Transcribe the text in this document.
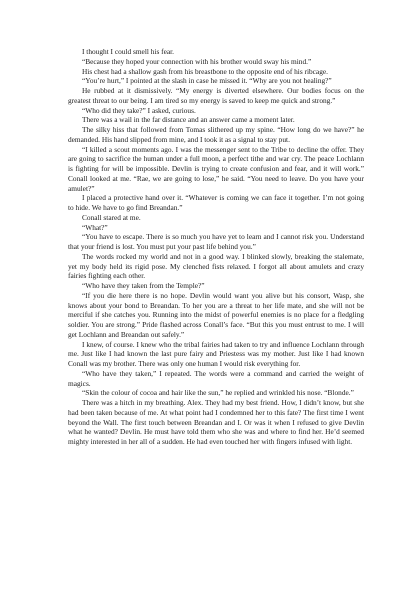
I thought I could smell his fear.

“Because they hoped your connection with his brother would sway his mind.”

His chest had a shallow gash from his breastbone to the opposite end of his ribcage.

“You’re hurt,” I pointed at the slash in case he missed it. “Why are you not healing?”

He rubbed at it dismissively. “My energy is diverted elsewhere. Our bodies focus on the greatest threat to our being. I am tired so my energy is saved to keep me quick and strong.”

“Who did they take?” I asked, curious.

There was a wail in the far distance and an answer came a moment later.

The silky hiss that followed from Tomas slithered up my spine. “How long do we have?” he demanded. His hand slipped from mine, and I took it as a signal to stay put.

“I killed a scout moments ago. I was the messenger sent to the Tribe to decline the offer. They are going to sacrifice the human under a full moon, a perfect tithe and war cry. The peace Lochlann is fighting for will be impossible. Devlin is trying to create confusion and fear, and it will work.” Conall looked at me. “Rae, we are going to lose,” he said. “You need to leave. Do you have your amulet?”

I placed a protective hand over it. “Whatever is coming we can face it together. I’m not going to hide. We have to go find Breandan.”

Conall stared at me.

“What?”

“You have to escape. There is so much you have yet to learn and I cannot risk you. Understand that your friend is lost. You must put your past life behind you.”

The words rocked my world and not in a good way. I blinked slowly, breaking the stalemate, yet my body held its rigid pose. My clenched fists relaxed. I forgot all about amulets and crazy fairies fighting each other.

“Who have they taken from the Temple?”

“If you die here there is no hope. Devlin would want you alive but his consort, Wasp, she knows about your bond to Breandan. To her you are a threat to her life mate, and she will not be merciful if she catches you. Running into the midst of powerful enemies is no place for a fledgling soldier. You are strong.” Pride flashed across Conall’s face. “But this you must entrust to me. I will get Lochlann and Breandan out safely.”

I knew, of course. I knew who the tribal fairies had taken to try and influence Lochlann through me. Just like I had known the last pure fairy and Priestess was my mother. Just like I had known Conall was my brother. There was only one human I would risk everything for.

“Who have they taken,” I repeated. The words were a command and carried the weight of magics.

“Skin the colour of cocoa and hair like the sun,” he replied and wrinkled his nose. “Blonde.”

There was a hitch in my breathing. Alex. They had my best friend. How, I didn’t know, but she had been taken because of me. At what point had I condemned her to this fate? The first time I went beyond the Wall. The first touch between Breandan and I. Or was it when I refused to give Devlin what he wanted? Devlin. He must have told them who she was and where to find her. He’d seemed mighty interested in her all of a sudden. He had even touched her with fingers infused with light.
